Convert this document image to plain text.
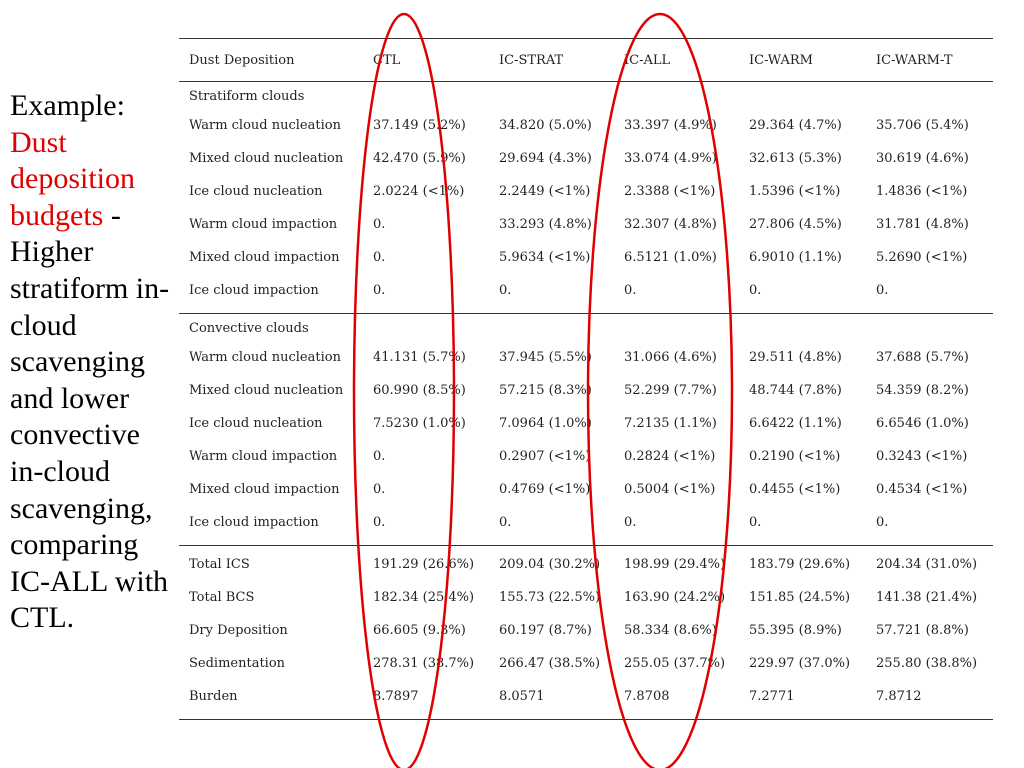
Example:
Dust deposition budgets - Higher stratiform in-cloud scavenging and lower convective in-cloud scavenging, comparing IC-ALL with CTL.
Dust Deposition	CTL	IC-STRAT	IC-ALL	IC-WARM	IC-WARM-T
Stratiform clouds
Warm cloud nucleation 37.149 (5.2%)	34.820 (5.0%) 33.397 (4.9%) 29.364 (4.7%)	35.706 (5.4%)
Mixed cloud nucleation 42.470 (5.9%)	29.694 (4.3%) 33.074 (4.9%) 32.613 (5.3%)	30.619 (4.6%)
Ice cloud nucleation	2.0224 (<1%)	2.2449 (<1%)	2.3388 (<1%)	1.5396 (<1%)	1.4836 (<1%)
Warm cloud impaction	0.	33.293 (4.8%) 32.307 (4.8%) 27.806 (4.5%)	31.781 (4.8%)
Mixed cloud impaction	0.	5.9634 (<1%)	6.5121 (1.0%) 6.9010 (1.1%)	5.2690 (<1%)
Ice cloud impaction	0.	0.	0.	0.	0.
Convective clouds
Warm cloud nucleation 41.131 (5.7%)	37.945 (5.5%) 31.066 (4.6%) 29.511 (4.8%)	37.688 (5.7%)
Mixed cloud nucleation 60.990 (8.5%)	57.215 (8.3%) 52.299 (7.7%) 48.744 (7.8%)	54.359 (8.2%)
Ice cloud nucleation	7.5230 (1.0%)	7.0964 (1.0%) 7.2135 (1.1%) 6.6422 (1.1%)	6.6546 (1.0%)
Warm cloud impaction	0.	0.2907 (<1%)	0.2824 (<1%)	0.2190 (<1%)	0.3243 (<1%)
Mixed cloud impaction	0.	0.4769 (<1%)	0.5004 (<1%)	0.4455 (<1%)	0.4534 (<1%)
Ice cloud impaction	0.	0.	0.	0.	0.
Total ICS	191.29 (26.6%) 209.04 (30.2%) 198.99 (29.4%) 183.79 (29.6%) 204.34 (31.0%)
Total BCS	182.34 (25.4%) 155.73 (22.5%) 163.90 (24.2%) 151.85 (24.5%) 141.38 (21.4%)
Dry Deposition	66.605 (9.3%)	60.197 (8.7%) 58.334 (8.6%) 55.395 (8.9%)	57.721 (8.8%)
Sedimentation	278.31 (38.7%) 266.47 (38.5%) 255.05 (37.7%) 229.97 (37.0%) 255.80 (38.8%)
Burden	8.7897	8.0571	7.8708	7.2771	7.8712
